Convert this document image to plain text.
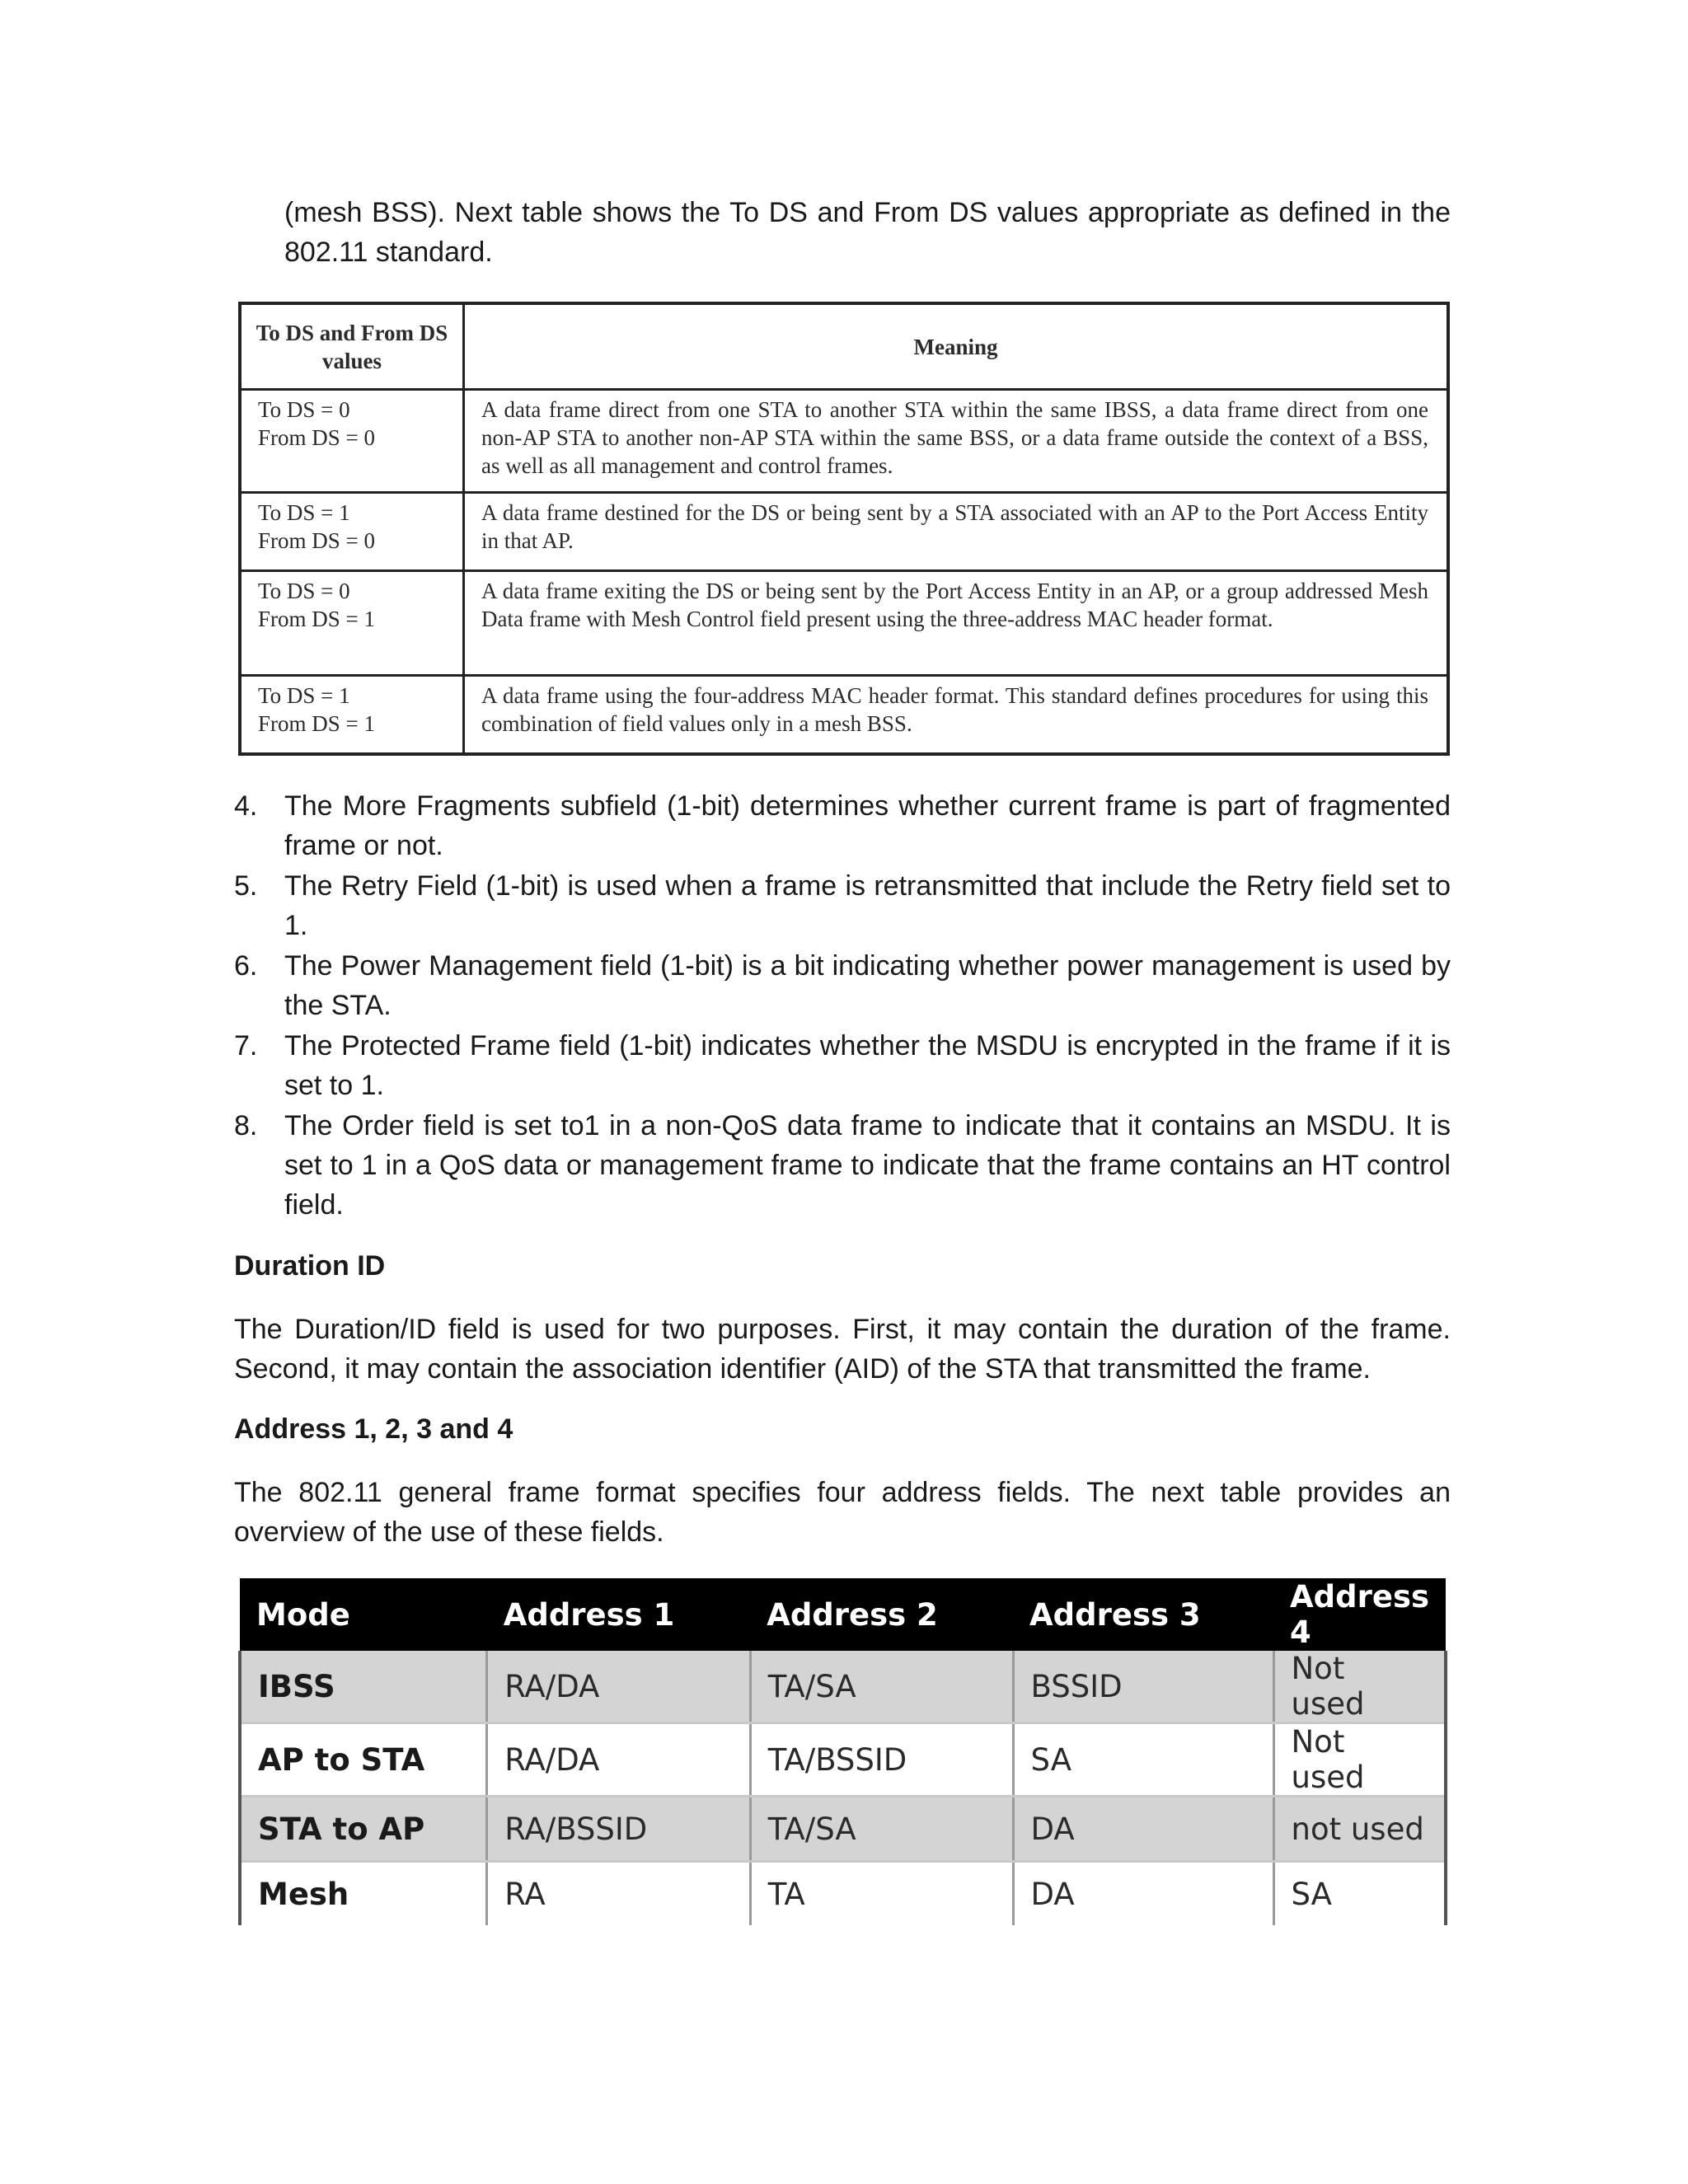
(mesh BSS). Next table shows the To DS and From DS values appropriate as defined in the 802.11 standard.

To DS and From DS values	Meaning

To DS = 0
From DS = 0	A data frame direct from one STA to another STA within the same IBSS, a data frame direct from one non-AP STA to another non-AP STA within the same BSS, or a data frame outside the context of a BSS, as well as all management and control frames.

To DS = 1
From DS = 0	A data frame destined for the DS or being sent by a STA associated with an AP to the Port Access Entity in that AP.

To DS = 0
From DS = 1	A data frame exiting the DS or being sent by the Port Access Entity in an AP, or a group addressed Mesh Data frame with Mesh Control field present using the three-address MAC header format.

To DS = 1
From DS = 1	A data frame using the four-address MAC header format. This standard defines procedures for using this combination of field values only in a mesh BSS.
4. The More Fragments subfield (1-bit) determines whether current frame is part of fragmented frame or not.
5. The Retry Field (1-bit) is used when a frame is retransmitted that include the Retry field set to 1.
6. The Power Management field (1-bit) is a bit indicating whether power management is used by the STA.
7. The Protected Frame field (1-bit) indicates whether the MSDU is encrypted in the frame if it is set to 1.
8. The Order field is set to1 in a non-QoS data frame to indicate that it contains an MSDU. It is set to 1 in a QoS data or management frame to indicate that the frame contains an HT control field.
Duration ID

The Duration/ID field is used for two purposes. First, it may contain the duration of the frame. Second, it may contain the association identifier (AID) of the STA that transmitted the frame.

Address 1, 2, 3 and 4

The 802.11 general frame format specifies four address fields. The next table provides an overview of the use of these fields.

Mode	Address 1	Address 2	Address 3	Address 4
IBSS	RA/DA	TA/SA	BSSID	Not used
AP to STA	RA/DA	TA/BSSID	SA	Not used
STA to AP	RA/BSSID	TA/SA	DA	not used
Mesh	RA	TA	DA	SA
